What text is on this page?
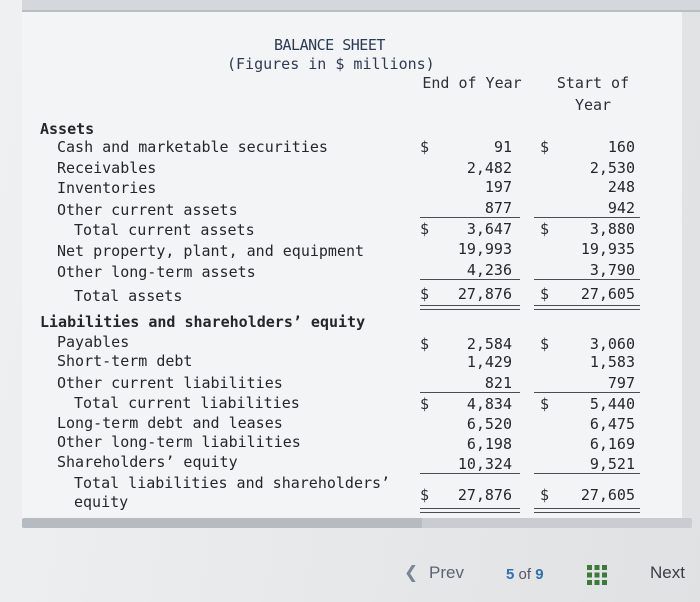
BALANCE SHEET
(Figures in $ millions)
End of Year	Start of Year
Assets
Cash and marketable securities	$	91 $	160
Receivables	2,482	2,530
Inventories	197	248
Other current assets	877	942
Total current assets	$	3,647 $	3,880
Net property, plant, and equipment	19,993	19,935
Other long-term assets	4,236	3,790
Total assets	$	27,876 $	27,605
Liabilities and shareholders’ equity
Payables	$	2,584 $	3,060
Short-term debt	1,429	1,583
Other current liabilities	821	797
Total current liabilities	$	4,834 $	5,440
Long-term debt and leases	6,520	6,475
Other long-term liabilities	6,198	6,169
Shareholders’ equity	10,324	9,521
Total liabilities and shareholders’
equity	$	27,876 $	27,605
❮ Prev	5 of 9	Next
